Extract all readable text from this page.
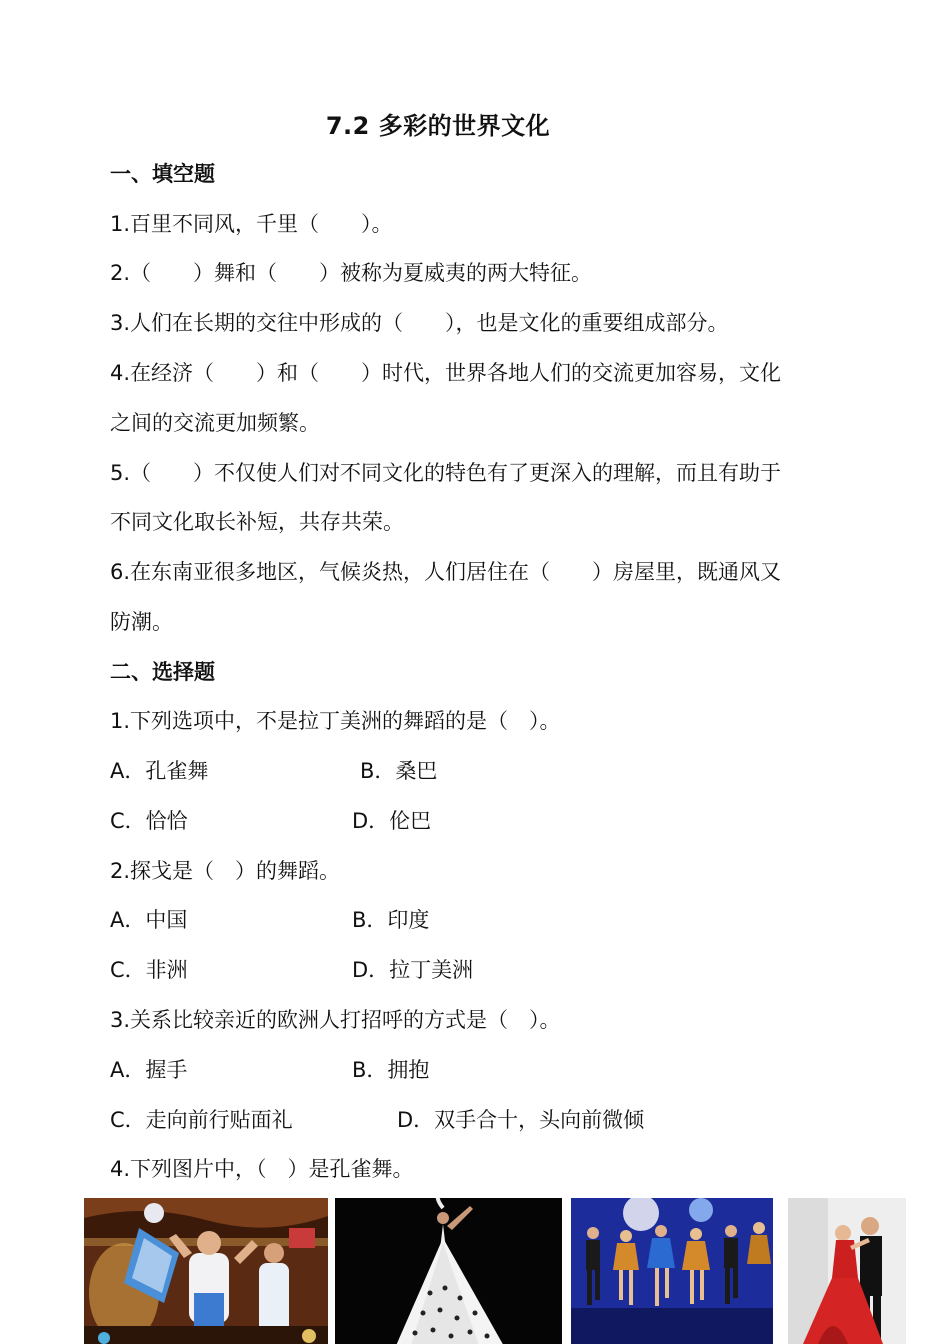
7.2 多彩的世界文化
一、填空题
1.百里不同风，千里（　　）。
2.（　　）舞和（　　）被称为夏威夷的两大特征。
3.人们在长期的交往中形成的（　　），也是文化的重要组成部分。
4.在经济（　　）和（　　）时代，世界各地人们的交流更加容易，文化
之间的交流更加频繁。
5.（　　）不仅使人们对不同文化的特色有了更深入的理解，而且有助于
不同文化取长补短，共存共荣。
6.在东南亚很多地区，气候炎热，人们居住在（　　）房屋里，既通风又
防潮。
二、选择题
1.下列选项中，不是拉丁美洲的舞蹈的是（　）。
A．孔雀舞	B．桑巴
C．恰恰	D．伦巴
2.探戈是（　）的舞蹈。
A．中国	B．印度
C．非洲	D．拉丁美洲
3.关系比较亲近的欧洲人打招呼的方式是（　）。
A．握手	B．拥抱
C．走向前行贴面礼	D．双手合十，头向前微倾
4.下列图片中，（　）是孔雀舞。
